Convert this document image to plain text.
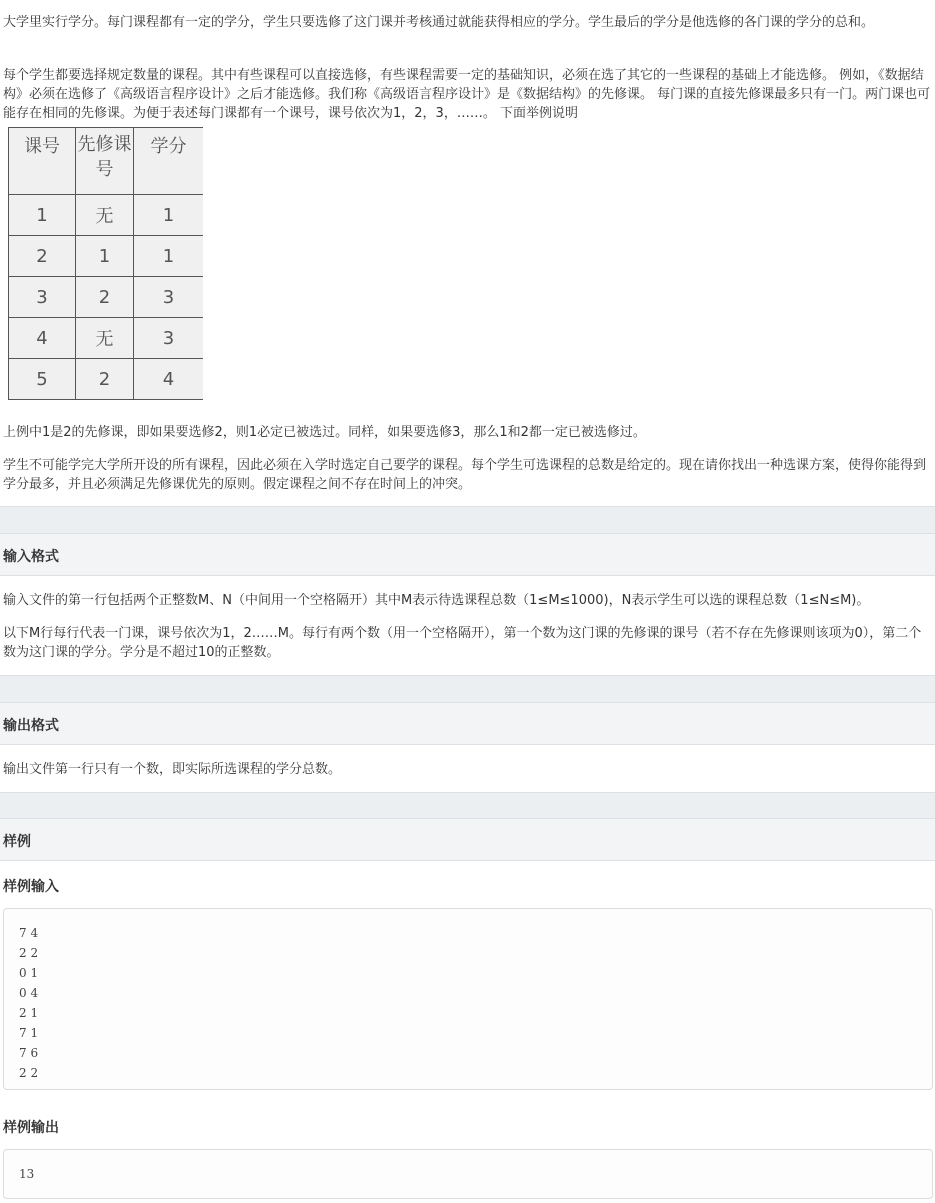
大学里实行学分。每门课程都有一定的学分，学生只要选修了这门课并考核通过就能获得相应的学分。学生最后的学分是他选修的各门课的学分的总和。

每个学生都要选择规定数量的课程。其中有些课程可以直接选修，有些课程需要一定的基础知识，必须在选了其它的一些课程的基础上才能选修。 例如，《数据结构》必须在选修了《高级语言程序设计》之后才能选修。我们称《高级语言程序设计》是《数据结构》的先修课。 每门课的直接先修课最多只有一门。两门课也可能存在相同的先修课。为便于表述每门课都有一个课号，课号依次为1，2，3，……。 下面举例说明

课号	先修课号	学分
1	无	1
2	1	1
3	2	3
4	无	3
5	2	4

上例中1是2的先修课，即如果要选修2，则1必定已被选过。同样，如果要选修3，那么1和2都一定已被选修过。

学生不可能学完大学所开设的所有课程，因此必须在入学时选定自己要学的课程。每个学生可选课程的总数是给定的。现在请你找出一种选课方案，使得你能得到学分最多，并且必须满足先修课优先的原则。假定课程之间不存在时间上的冲突。

输入格式

输入文件的第一行包括两个正整数M、N（中间用一个空格隔开）其中M表示待选课程总数（1≤M≤1000)，N表示学生可以选的课程总数（1≤N≤M)。

以下M行每行代表一门课，课号依次为1，2……M。每行有两个数（用一个空格隔开），第一个数为这门课的先修课的课号（若不存在先修课则该项为0），第二个数为这门课的学分。学分是不超过10的正整数。

输出格式

输出文件第一行只有一个数，即实际所选课程的学分总数。

样例
样例输入
7 4
2 2
0 1
0 4
2 1
7 1
7 6
2 2
样例输出
13
